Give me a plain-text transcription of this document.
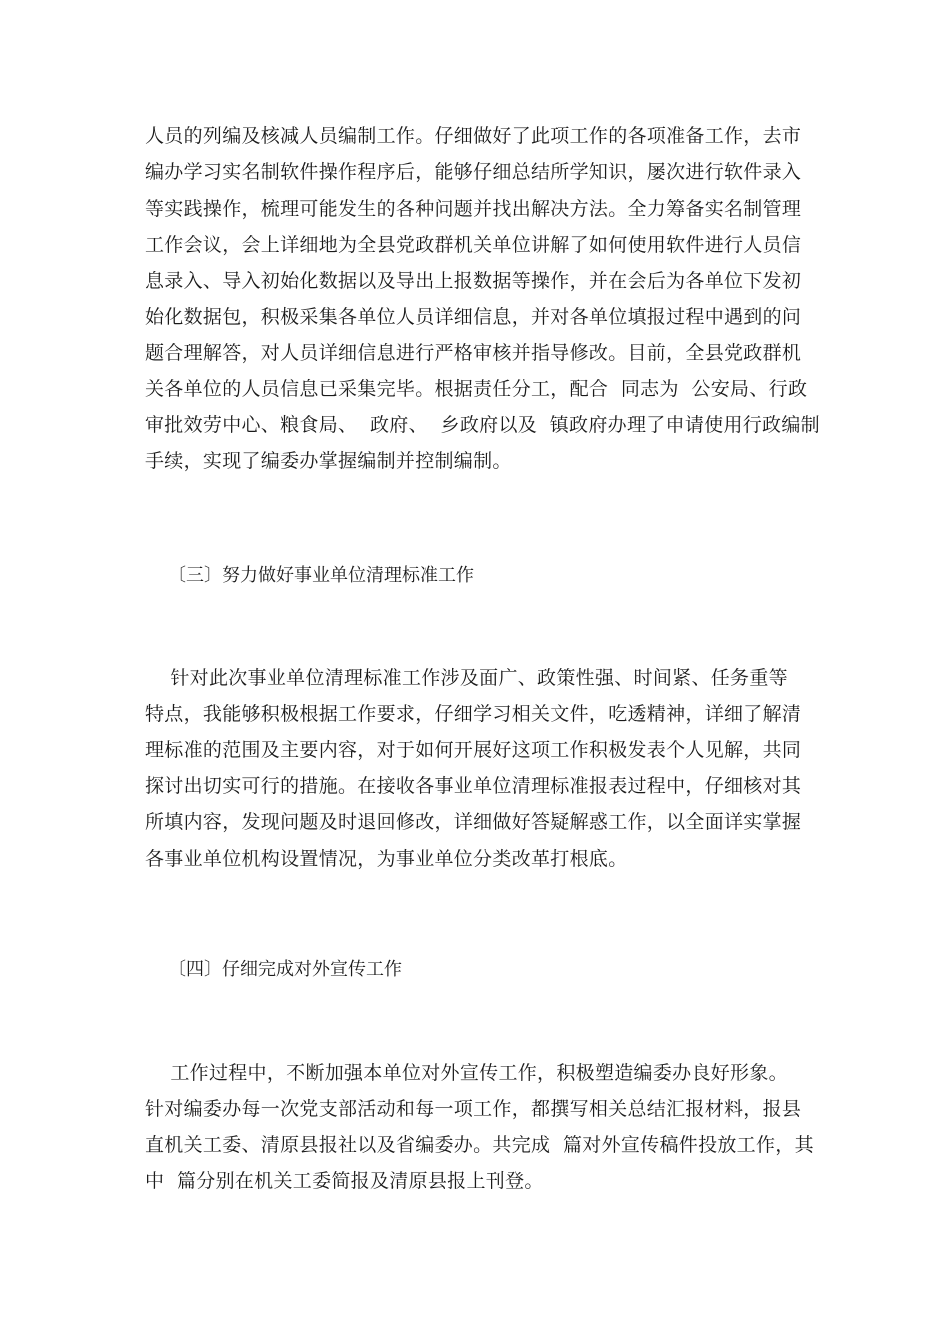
人员的列编及核减人员编制工作。仔细做好了此项工作的各项准备工作，去市
编办学习实名制软件操作程序后，能够仔细总结所学知识，屡次进行软件录入
等实践操作，梳理可能发生的各种问题并找出解决方法。全力筹备实名制管理
工作会议，会上详细地为全县党政群机关单位讲解了如何使用软件进行人员信
息录入、导入初始化数据以及导出上报数据等操作，并在会后为各单位下发初
始化数据包，积极采集各单位人员详细信息，并对各单位填报过程中遇到的问
题合理解答，对人员详细信息进行严格审核并指导修改。目前，全县党政群机
关各单位的人员信息已采集完毕。根据责任分工，配合  同志为  公安局、行政
审批效劳中心、粮食局、  政府、  乡政府以及  镇政府办理了申请使用行政编制
手续，实现了编委办掌握编制并控制编制。
〔三〕努力做好事业单位清理标准工作
针对此次事业单位清理标准工作涉及面广、政策性强、时间紧、任务重等
特点，我能够积极根据工作要求，仔细学习相关文件，吃透精神，详细了解清
理标准的范围及主要内容，对于如何开展好这项工作积极发表个人见解，共同
探讨出切实可行的措施。在接收各事业单位清理标准报表过程中，仔细核对其
所填内容，发现问题及时退回修改，详细做好答疑解惑工作，以全面详实掌握
各事业单位机构设置情况，为事业单位分类改革打根底。
〔四〕仔细完成对外宣传工作
工作过程中，不断加强本单位对外宣传工作，积极塑造编委办良好形象。
针对编委办每一次党支部活动和每一项工作，都撰写相关总结汇报材料，报县
直机关工委、清原县报社以及省编委办。共完成  篇对外宣传稿件投放工作，其
中  篇分别在机关工委简报及清原县报上刊登。
